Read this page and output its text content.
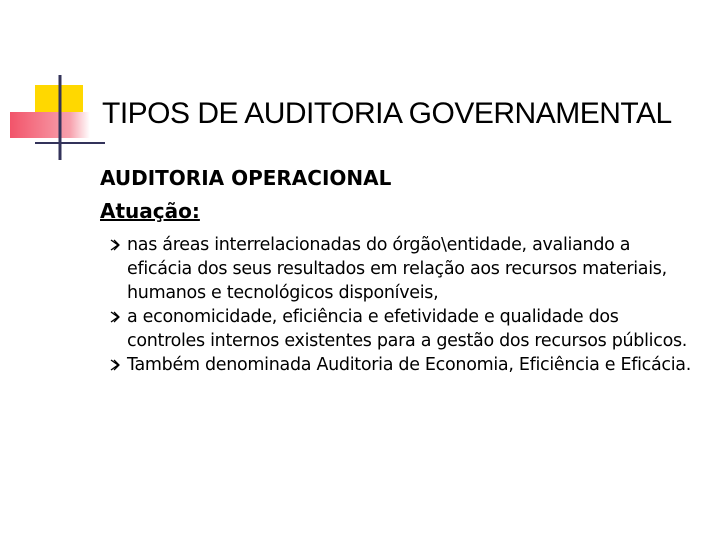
TIPOS DE AUDITORIA GOVERNAMENTAL
AUDITORIA OPERACIONAL
Atuação:
nas áreas interrelacionadas do órgão\entidade, avaliando a eficácia dos seus resultados em relação aos recursos materiais, humanos e tecnológicos disponíveis,
a economicidade, eficiência e efetividade e qualidade dos controles internos existentes para a gestão dos recursos públicos.
Também denominada Auditoria de Economia, Eficiência e Eficácia.
